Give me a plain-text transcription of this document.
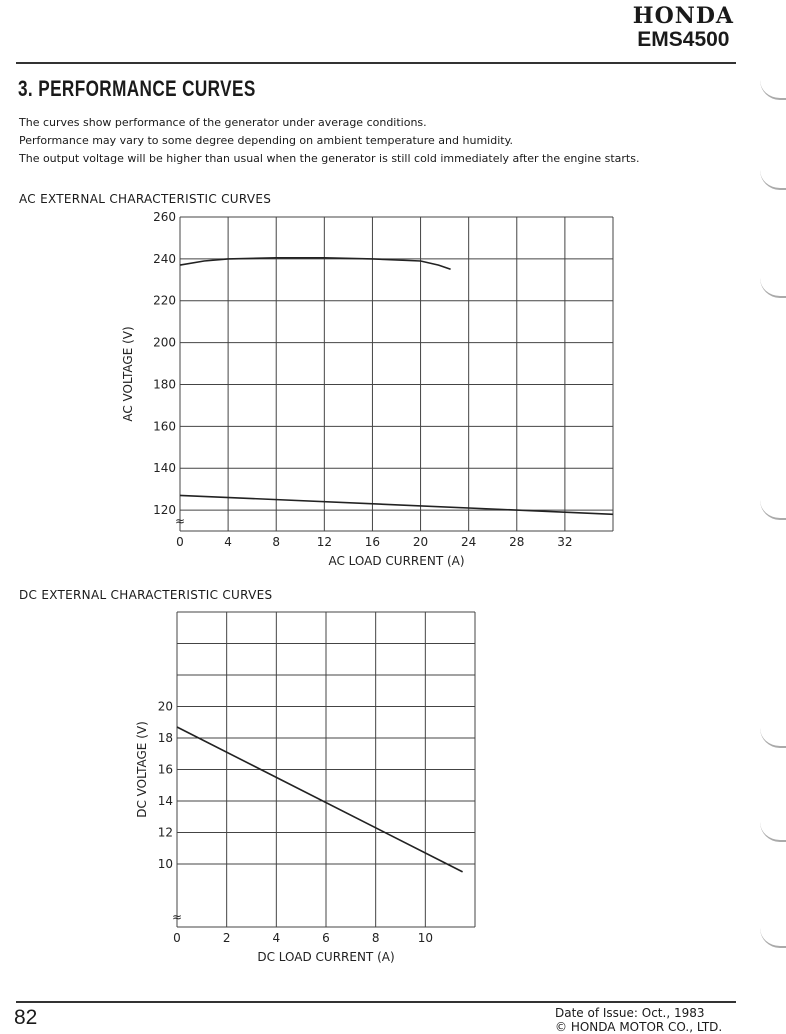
HONDA
EMS4500
3. PERFORMANCE CURVES

The curves show performance of the generator under average conditions.

Performance may vary to some degree depending on ambient temperature and humidity.

The output voltage will be higher than usual when the generator is still cold immediately after the engine starts.

AC EXTERNAL CHARACTERISTIC CURVES
≈
0	4	8	12	16	20	24	28	32
120
140
160
180
200
220
240
260
AC LOAD CURRENT (A)
AC VOLTAGE (V)
DC EXTERNAL CHARACTERISTIC CURVES
≈
0	2	4	6	8	10
10
12
14
16
18
20
DC LOAD CURRENT (A)
DC VOLTAGE (V)
82	Date of Issue: Oct., 1983
© HONDA MOTOR CO., LTD.
